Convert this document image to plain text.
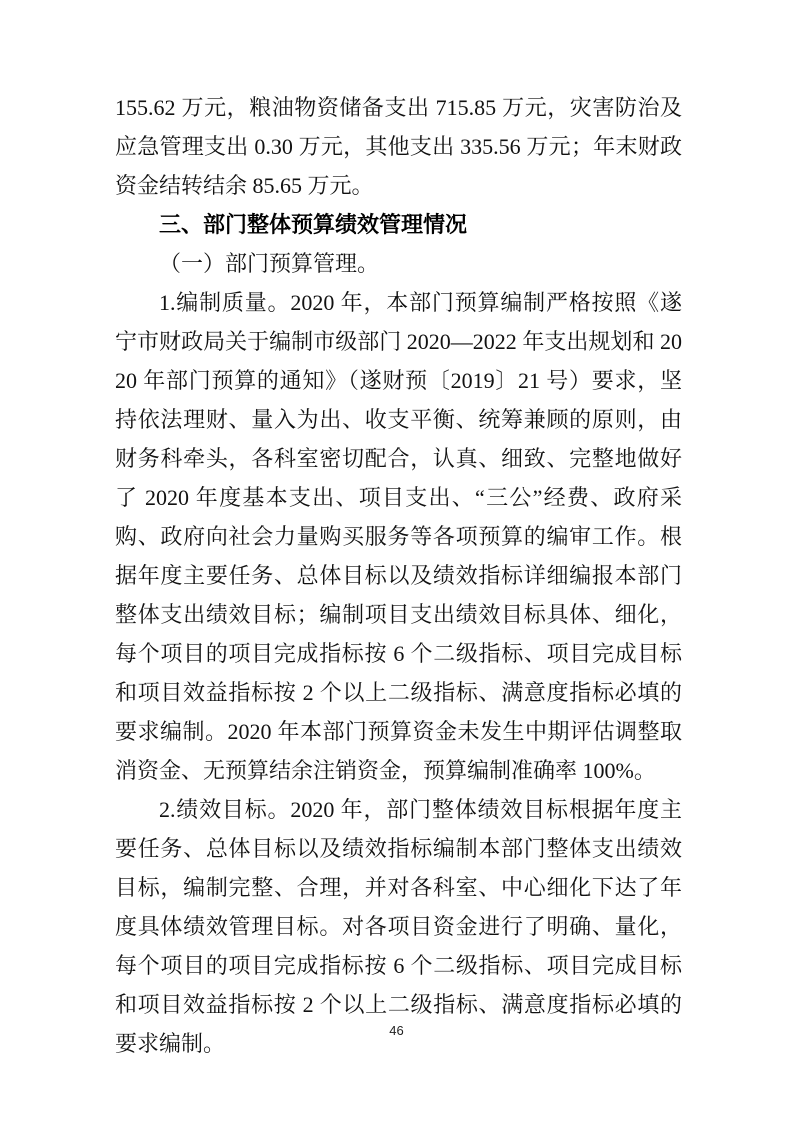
155.62 万元，粮油物资储备支出 715.85 万元，灾害防治及应急管理支出 0.30 万元，其他支出 335.56 万元；年末财政资金结转结余 85.65 万元。

三、部门整体预算绩效管理情况

（一）部门预算管理。

1.编制质量。2020 年，本部门预算编制严格按照《遂宁市财政局关于编制市级部门 2020—2022 年支出规划和 2020 年部门预算的通知》（遂财预〔2019〕21 号）要求，坚持依法理财、量入为出、收支平衡、统筹兼顾的原则，由财务科牵头，各科室密切配合，认真、细致、完整地做好了 2020 年度基本支出、项目支出、“三公”经费、政府采购、政府向社会力量购买服务等各项预算的编审工作。根据年度主要任务、总体目标以及绩效指标详细编报本部门整体支出绩效目标；编制项目支出绩效目标具体、细化，每个项目的项目完成指标按 6 个二级指标、项目完成目标和项目效益指标按 2 个以上二级指标、满意度指标必填的要求编制。2020 年本部门预算资金未发生中期评估调整取消资金、无预算结余注销资金，预算编制准确率 100%。

2.绩效目标。2020 年，部门整体绩效目标根据年度主要任务、总体目标以及绩效指标编制本部门整体支出绩效目标，编制完整、合理，并对各科室、中心细化下达了年度具体绩效管理目标。对各项目资金进行了明确、量化，每个项目的项目完成指标按 6 个二级指标、项目完成目标和项目效益指标按 2 个以上二级指标、满意度指标必填的要求编制。

46
